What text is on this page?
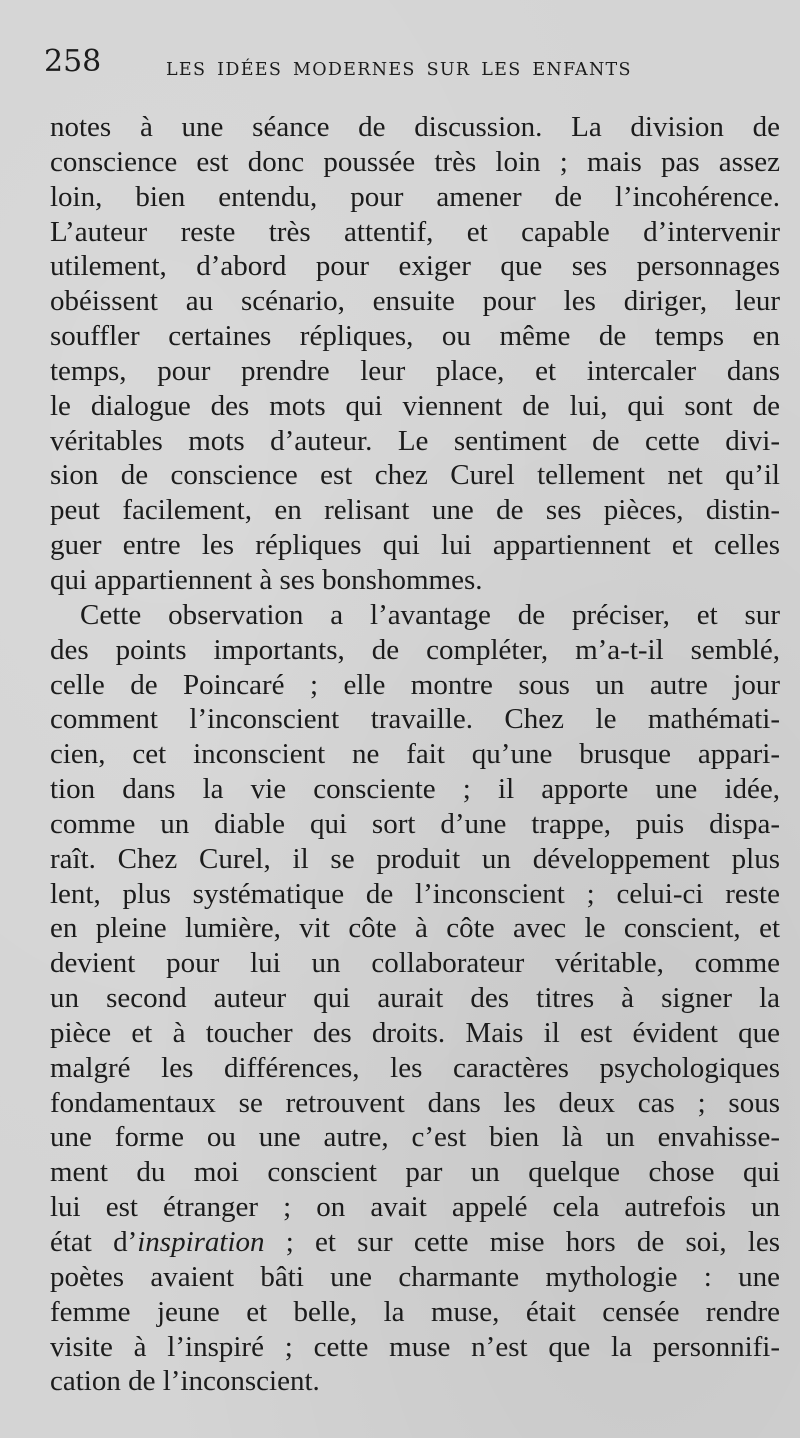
258	LES IDÉES MODERNES SUR LES ENFANTS
notes à une séance de discussion. La division de
conscience est donc poussée très loin ; mais pas assez
loin, bien entendu, pour amener de l’incohérence.
L’auteur reste très attentif, et capable d’intervenir
utilement, d’abord pour exiger que ses personnages
obéissent au scénario, ensuite pour les diriger, leur
souffler certaines répliques, ou même de temps en
temps, pour prendre leur place, et intercaler dans
le dialogue des mots qui viennent de lui, qui sont de
véritables mots d’auteur. Le sentiment de cette divi-
sion de conscience est chez Curel tellement net qu’il
peut facilement, en relisant une de ses pièces, distin-
guer entre les répliques qui lui appartiennent et celles
qui appartiennent à ses bonshommes.
Cette observation a l’avantage de préciser, et sur
des points importants, de compléter, m’a-t-il semblé,
celle de Poincaré ; elle montre sous un autre jour
comment l’inconscient travaille. Chez le mathémati-
cien, cet inconscient ne fait qu’une brusque appari-
tion dans la vie consciente ; il apporte une idée,
comme un diable qui sort d’une trappe, puis dispa-
raît. Chez Curel, il se produit un développement plus
lent, plus systématique de l’inconscient ; celui-ci reste
en pleine lumière, vit côte à côte avec le conscient, et
devient pour lui un collaborateur véritable, comme
un second auteur qui aurait des titres à signer la
pièce et à toucher des droits. Mais il est évident que
malgré les différences, les caractères psychologiques
fondamentaux se retrouvent dans les deux cas ; sous
une forme ou une autre, c’est bien là un envahisse-
ment du moi conscient par un quelque chose qui
lui est étranger ; on avait appelé cela autrefois un
état d’inspiration ; et sur cette mise hors de soi, les
poètes avaient bâti une charmante mythologie : une
femme jeune et belle, la muse, était censée rendre
visite à l’inspiré ; cette muse n’est que la personnifi-
cation de l’inconscient.
